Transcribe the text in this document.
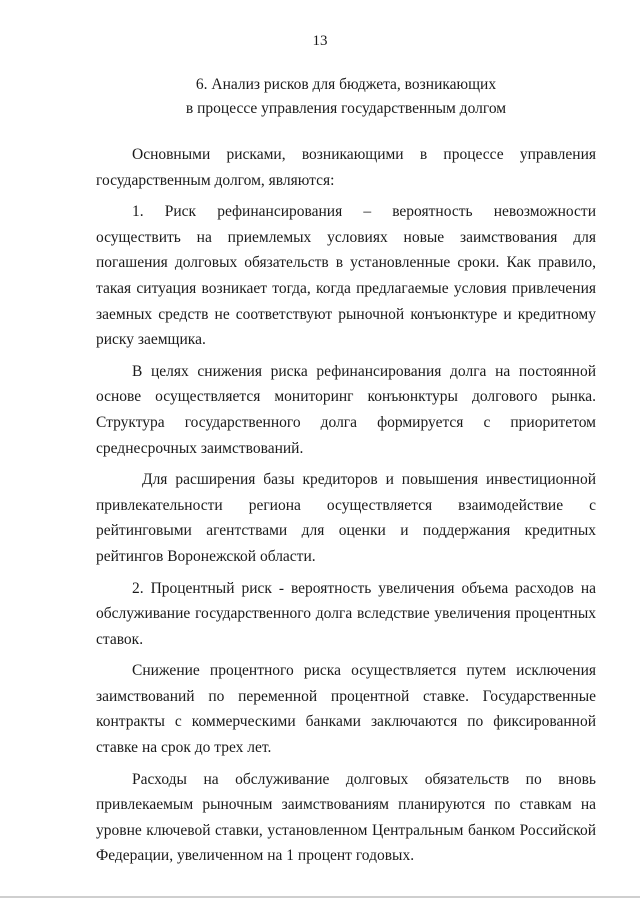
13
6. Анализ рисков для бюджета, возникающих
в процессе управления государственным долгом

Основными рисками, возникающими в процессе управления государственным долгом, являются:

1. Риск рефинансирования – вероятность невозможности осуществить на приемлемых условиях новые заимствования для погашения долговых обязательств в установленные сроки. Как правило, такая ситуация возникает тогда, когда предлагаемые условия привлечения заемных средств не соответствуют рыночной конъюнктуре и кредитному риску заемщика.

В целях снижения риска рефинансирования долга на постоянной основе осуществляется мониторинг конъюнктуры долгового рынка. Структура государственного долга формируется с приоритетом среднесрочных заимствований.

Для расширения базы кредиторов и повышения инвестиционной привлекательности региона осуществляется взаимодействие с рейтинговыми агентствами для оценки и поддержания кредитных рейтингов Воронежской области.

2. Процентный риск - вероятность увеличения объема расходов на обслуживание государственного долга вследствие увеличения процентных ставок.

Снижение процентного риска осуществляется путем исключения заимствований по переменной процентной ставке. Государственные контракты с коммерческими банками заключаются по фиксированной ставке на срок до трех лет.

Расходы на обслуживание долговых обязательств по вновь привлекаемым рыночным заимствованиям планируются по ставкам на уровне ключевой ставки, установленном Центральным банком Российской Федерации, увеличенном на 1 процент годовых.
